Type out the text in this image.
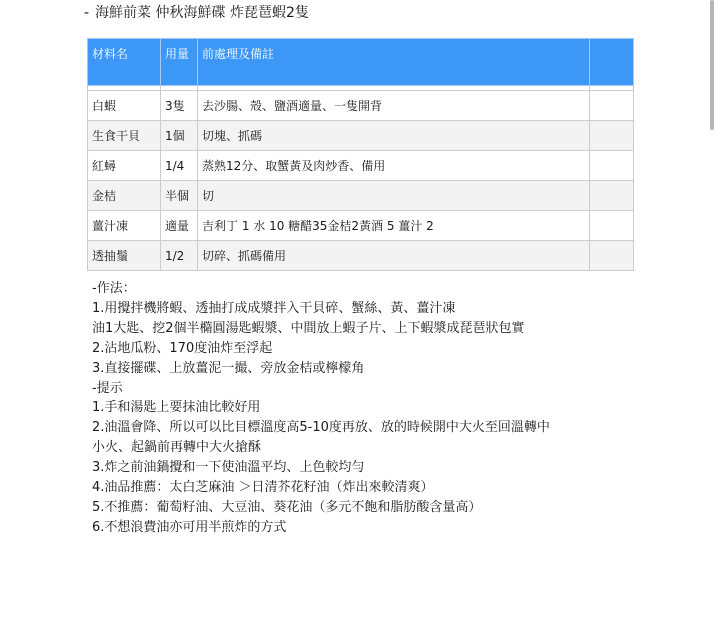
- 海鮮前菜 仲秋海鮮碟 炸琵琶蝦2隻
材料名	用量	前處理及備註	

白蝦	3隻	去沙腸、殼、鹽酒適量、一隻開背	
生食干貝	1個	切塊、抓碼	
紅蟳	1/4	蒸熟12分、取蟹黃及肉炒香、備用	
金桔	半個	切	
薑汁凍	適量	吉利丁 1 水 10 糖醋35金桔2黃酒 5 薑汁 2	
透抽鬚	1/2	切碎、抓碼備用	
-作法：
1.用攪拌機將蝦、透抽打成成漿拌入干貝碎、蟹絲、黃、薑汁凍
油1大匙、挖2個半橢圓湯匙蝦漿、中間放上蝦子片、上下蝦漿成琵琶狀包實
2.沾地瓜粉、170度油炸至浮起
3.直接擺碟、上放薑泥一撮、旁放金桔或檸檬角
-提示
1.手和湯匙上要抹油比較好用
2.油溫會降、所以可以比目標溫度高5-10度再放、放的時候開中大火至回溫轉中
小火、起鍋前再轉中大火搶酥
3.炸之前油鍋攪和一下使油溫平均、上色較均勻
4.油品推薦：太白芝麻油 ＞日清芥花籽油（炸出來較清爽）
5.不推薦：葡萄籽油、大豆油、葵花油（多元不飽和脂肪酸含量高）
6.不想浪費油亦可用半煎炸的方式
